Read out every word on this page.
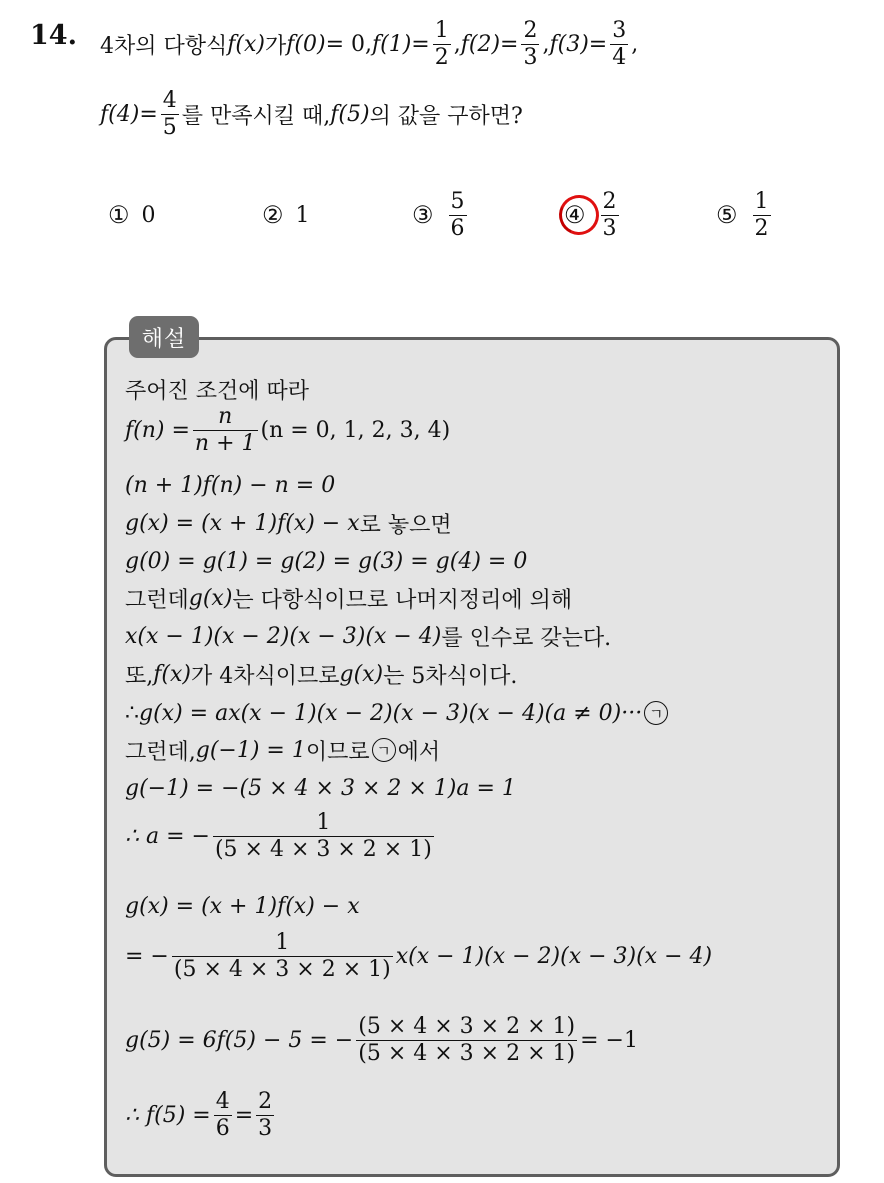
14. 4차의 다항식 f(x) 가 f(0) = 0, $f(1) = \frac{1}{2}$ , $f(2) = \frac{2}{3}$ , $f(3) = \frac{3}{4}$ ,
$f(4) = \frac{4}{5}$ 를 만족시킬 때, f(5) 의 값을 구하면?
① 0	② 1	③ $\frac{5}{6}$	④ $\frac{2}{3}$	⑤ $\frac{1}{2}$
해설
주어진 조건에 따라
$f(n) = \frac{n}{n + 1} (n = 0$, 1, 2, 3, 4)
(n + 1)f(n) − n = 0
g(x) = (x + 1)f(x) − x 로 놓으면
g(0) = g(1) = g(2) = g(3) = g(4) = 0
그런데 g(x) 는 다항식이므로 나머지정리에 의해
x(x − 1)(x − 2)(x − 3)(x − 4) 를 인수로 갖는다.
또, f(x) 가 4차식이므로 g(x) 는 5차식이다.
∴ g(x) = ax(x − 1)(x − 2)(x − 3)(x − 4)(a ≠ 0)··· ㄱ
그런데, g(−1) = 1 이므로 ㄱ 에서
g(−1) = −(5 × 4 × 3 × 2 × 1)a = 1
∴ a = − $\frac{1}{(5 \times 4 \times 3 \times 2 \times 1)}$
g(x) = (x + 1)f(x) − x
= − $\frac{1}{(5 \times 4 \times 3 \times 2 \times 1)} x(x - 1)(x - 2)(x - 3)(x - 4)$
g(5) = 6f(5) − 5 = − $\frac{(5 \times 4 \times 3 \times 2 \times 1)}{(5 \times 4 \times 3 \times 2 \times 1)} = -1$
∴ $f(5) = \frac{4}{6} = \frac{2}{3}$
